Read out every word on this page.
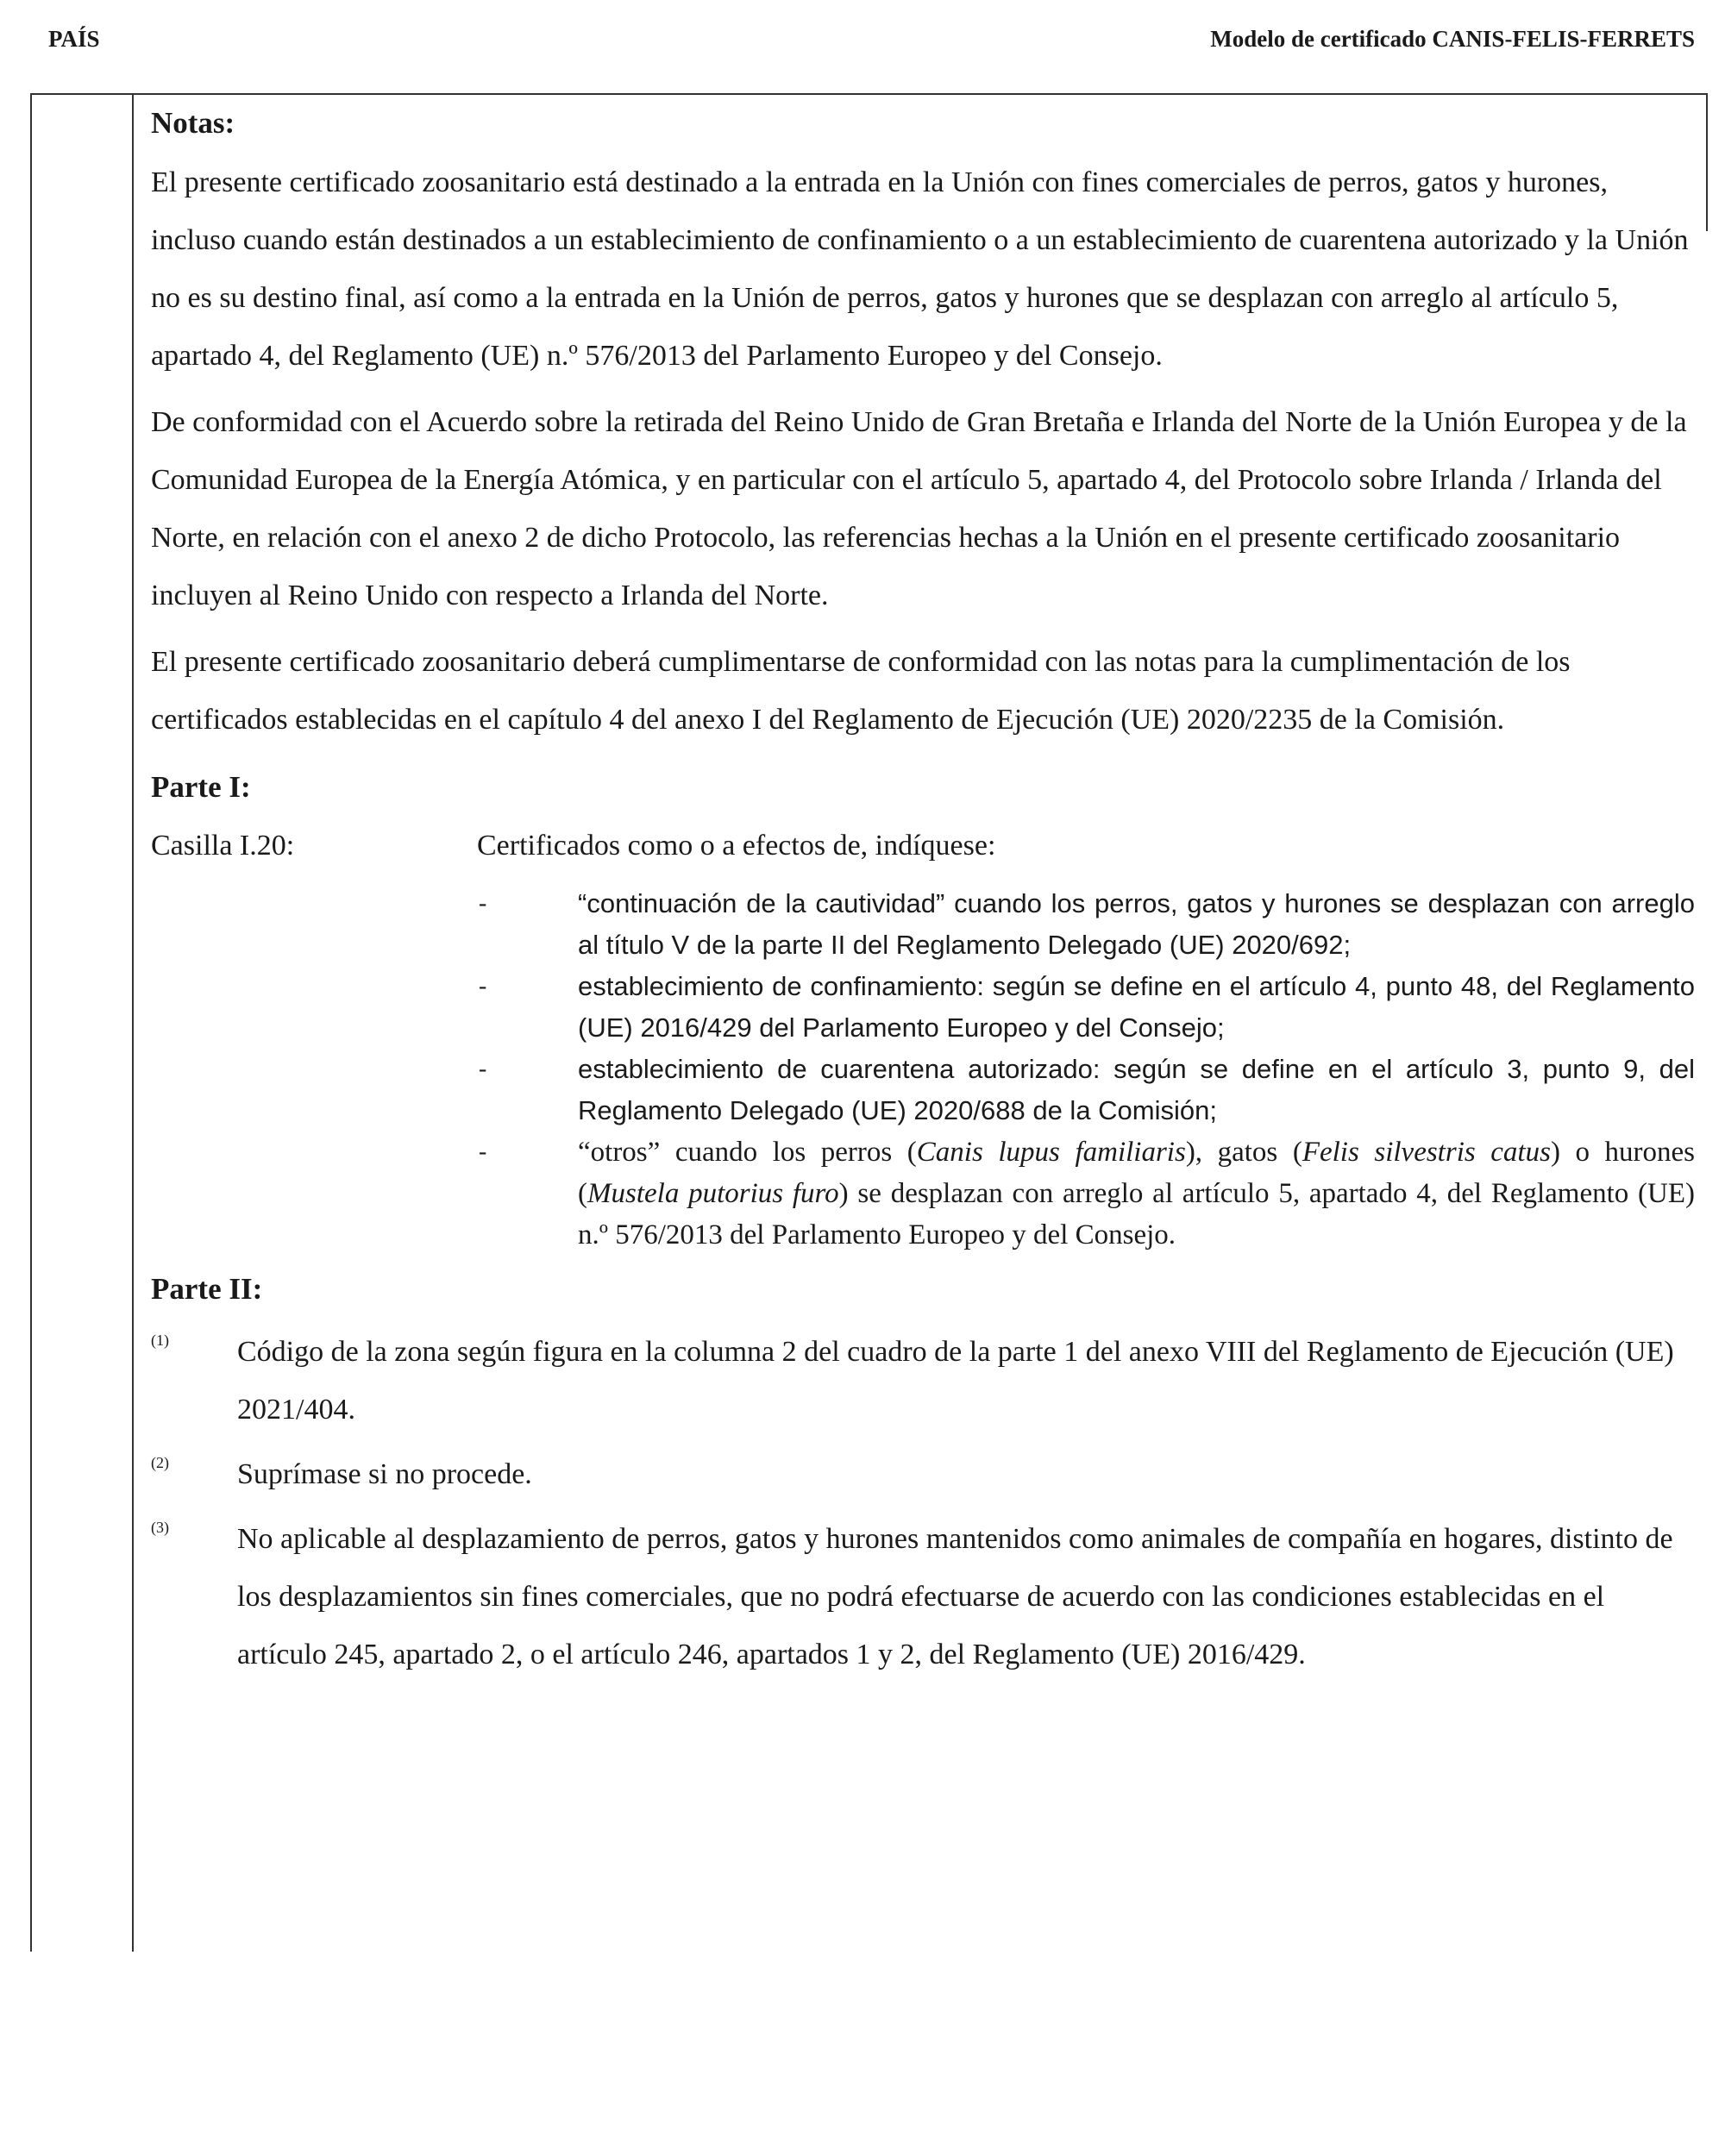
PAÍS	Modelo de certificado CANIS-FELIS-FERRETS

Notas:

El presente certificado zoosanitario está destinado a la entrada en la Unión con fines comerciales de perros, gatos y hurones, incluso cuando están destinados a un establecimiento de confinamiento o a un establecimiento de cuarentena autorizado y la Unión no es su destino final, así como a la entrada en la Unión de perros, gatos y hurones que se desplazan con arreglo al artículo 5, apartado 4, del Reglamento (UE) n.º 576/2013 del Parlamento Europeo y del Consejo.

De conformidad con el Acuerdo sobre la retirada del Reino Unido de Gran Bretaña e Irlanda del Norte de la Unión Europea y de la Comunidad Europea de la Energía Atómica, y en particular con el artículo 5, apartado 4, del Protocolo sobre Irlanda / Irlanda del Norte, en relación con el anexo 2 de dicho Protocolo, las referencias hechas a la Unión en el presente certificado zoosanitario incluyen al Reino Unido con respecto a Irlanda del Norte.

El presente certificado zoosanitario deberá cumplimentarse de conformidad con las notas para la cumplimentación de los certificados establecidas en el capítulo 4 del anexo I del Reglamento de Ejecución (UE) 2020/2235 de la Comisión.

Parte I:

Casilla I.20:	Certificados como o a efectos de, indíquese:
-	“continuación de la cautividad” cuando los perros, gatos y hurones se desplazan con arreglo al título V de la parte II del Reglamento Delegado (UE) 2020/692;
-	establecimiento de confinamiento: según se define en el artículo 4, punto 48, del Reglamento (UE) 2016/429 del Parlamento Europeo y del Consejo;
-	establecimiento de cuarentena autorizado: según se define en el artículo 3, punto 9, del Reglamento Delegado (UE) 2020/688 de la Comisión;
-	“otros” cuando los perros (Canis lupus familiaris), gatos (Felis silvestris catus) o hurones (Mustela putorius furo) se desplazan con arreglo al artículo 5, apartado 4, del Reglamento (UE) n.º 576/2013 del Parlamento Europeo y del Consejo.

Parte II:

(1)	Código de la zona según figura en la columna 2 del cuadro de la parte 1 del anexo VIII del Reglamento de Ejecución (UE) 2021/404.
(2)	Suprímase si no procede.
(3)	No aplicable al desplazamiento de perros, gatos y hurones mantenidos como animales de compañía en hogares, distinto de los desplazamientos sin fines comerciales, que no podrá efectuarse de acuerdo con las condiciones establecidas en el artículo 245, apartado 2, o el artículo 246, apartados 1 y 2, del Reglamento (UE) 2016/429.
